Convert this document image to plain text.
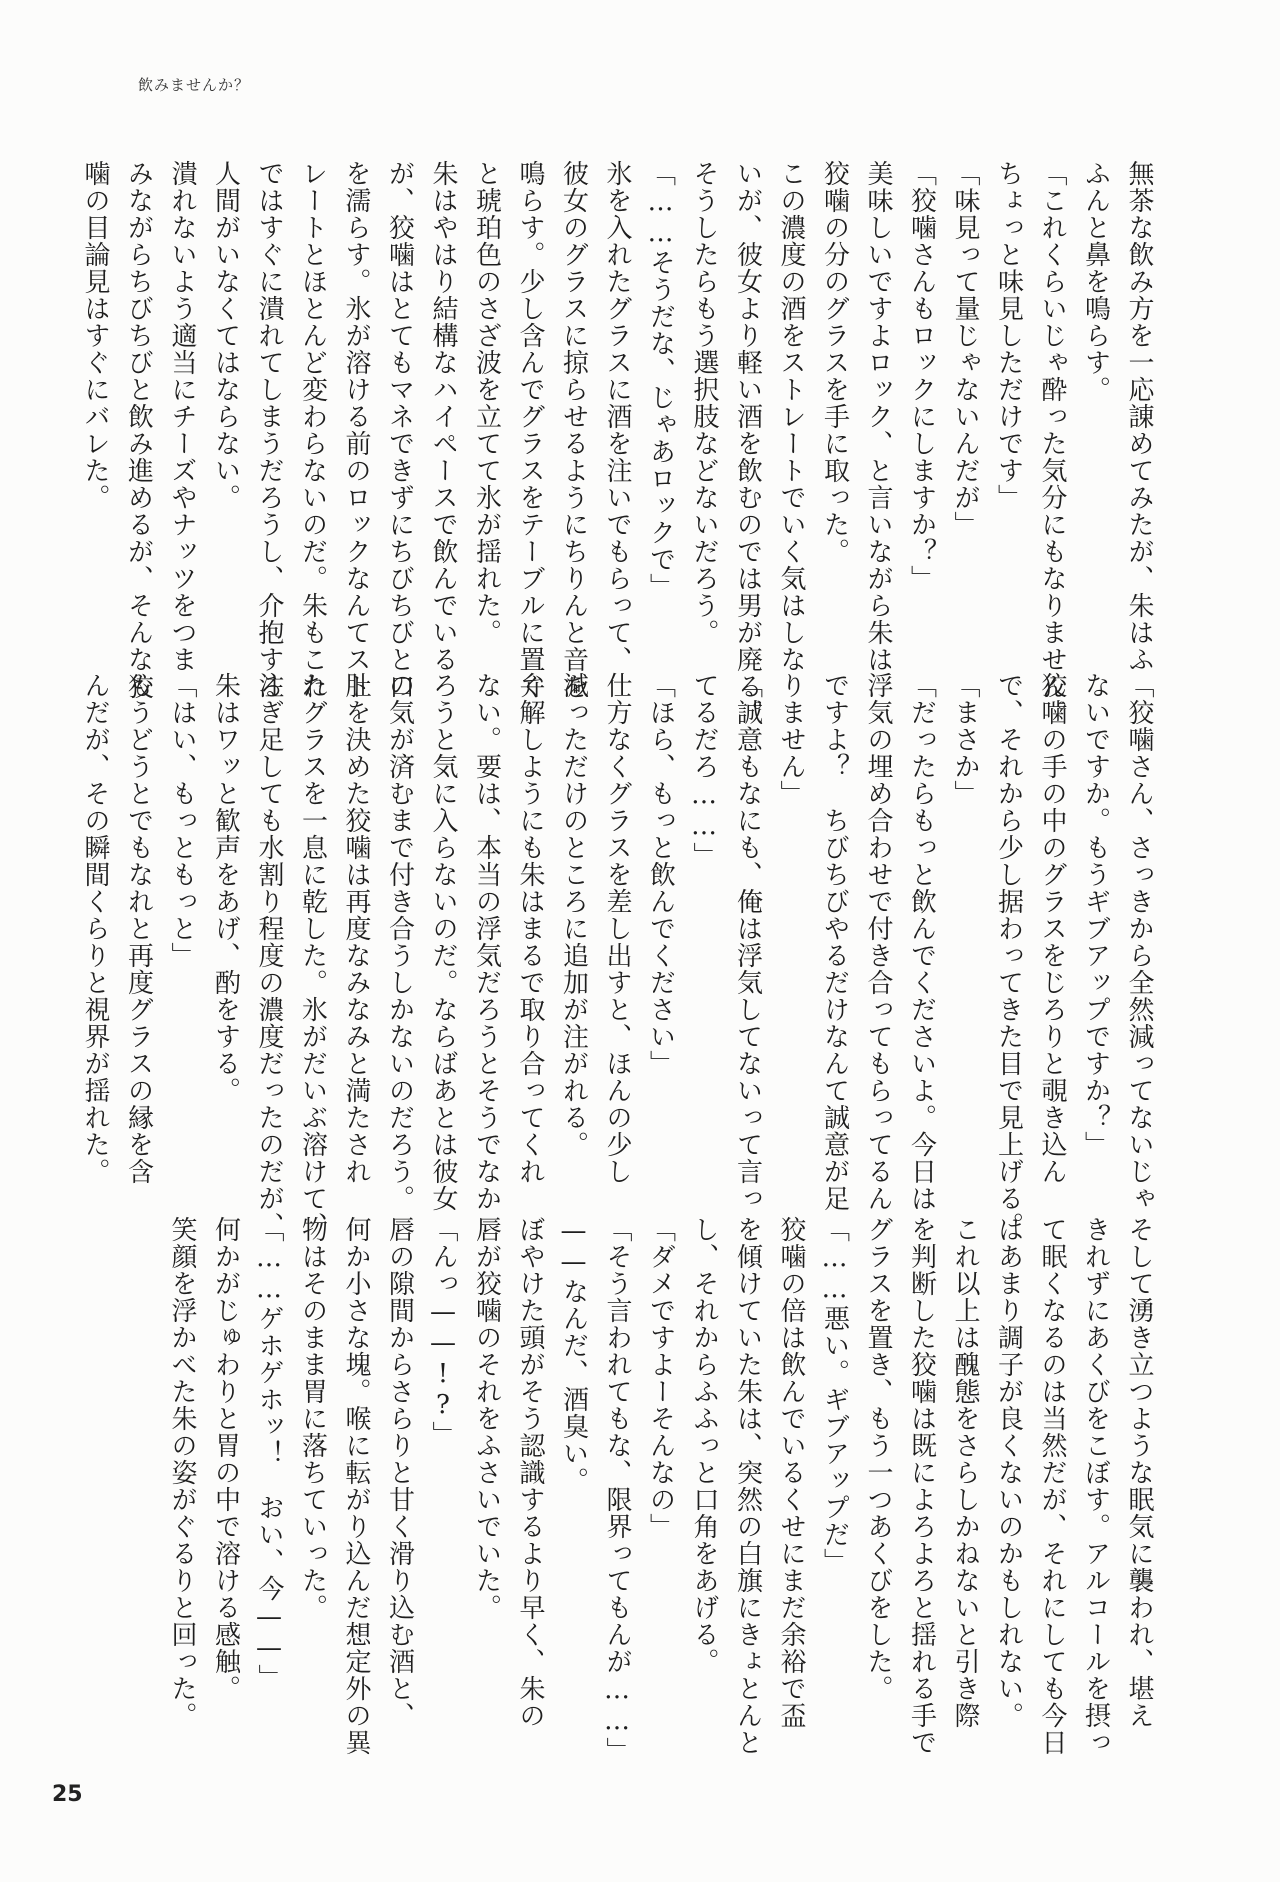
飲みませんか？
無茶な飲み方を一応諌めてみたが、朱はふ
ふんと鼻を鳴らす。
「これくらいじゃ酔った気分にもなりません。
ちょっと味見しただけです」
「味見って量じゃないんだが」
「狡噛さんもロックにしますか？」
美味しいですよロック、と言いながら朱は
狡噛の分のグラスを手に取った。
この濃度の酒をストレートでいく気はしな
いが、彼女より軽い酒を飲むのでは男が廃る。
そうしたらもう選択肢などないだろう。
「……そうだな、じゃあロックで」
氷を入れたグラスに酒を注いでもらって、
彼女のグラスに掠らせるようにちりんと音を
鳴らす。少し含んでグラスをテーブルに置く
と琥珀色のさざ波を立てて氷が揺れた。
朱はやはり結構なハイペースで飲んでいる
が、狡噛はとてもマネできずにちびちびと口
を濡らす。氷が溶ける前のロックなんてスト
レートとほとんど変わらないのだ。朱もこれ
ではすぐに潰れてしまうだろうし、介抱する
人間がいなくてはならない。
潰れないよう適当にチーズやナッツをつま
みながらちびちびと飲み進めるが、そんな狡
噛の目論見はすぐにバレた。
「狡噛さん、さっきから全然減ってないじゃ
ないですか。もうギブアップですか？」
狡噛の手の中のグラスをじろりと覗き込ん
で、それから少し据わってきた目で見上げる。
「まさか」
「だったらもっと飲んでくださいよ。今日は
浮気の埋め合わせで付き合ってもらってるん
ですよ？　ちびちびやるだけなんて誠意が足
りません」
「誠意もなにも、俺は浮気してないって言っ
てるだろ……」
「ほら、もっと飲んでください」
仕方なくグラスを差し出すと、ほんの少し
減っただけのところに追加が注がれる。
弁解しようにも朱はまるで取り合ってくれ
ない。要は、本当の浮気だろうとそうでなか
ろうと気に入らないのだ。ならばあとは彼女
の気が済むまで付き合うしかないのだろう。
肚を決めた狡噛は再度なみなみと満たされ
たグラスを一息に乾した。氷がだいぶ溶けて、
注ぎ足しても水割り程度の濃度だったのだが、
朱はワッと歓声をあげ、酌をする。
「はい、もっともっと」
もうどうとでもなれと再度グラスの縁を含
んだが、その瞬間くらりと視界が揺れた。
そして湧き立つような眠気に襲われ、堪え
きれずにあくびをこぼす。アルコールを摂っ
て眠くなるのは当然だが、それにしても今日
はあまり調子が良くないのかもしれない。
これ以上は醜態をさらしかねないと引き際
を判断した狡噛は既によろよろと揺れる手で
グラスを置き、もう一つあくびをした。
「……悪い。ギブアップだ」
狡噛の倍は飲んでいるくせにまだ余裕で盃
を傾けていた朱は、突然の白旗にきょとんと
し、それからふふっと口角をあげる。
「ダメですよーそんなの」
「そう言われてもな、限界ってもんが……」
——なんだ、酒臭い。
ぼやけた頭がそう認識するより早く、朱の
唇が狡噛のそれをふさいでいた。
「んっ——!?」
唇の隙間からさらりと甘く滑り込む酒と、
何か小さな塊。喉に転がり込んだ想定外の異
物はそのまま胃に落ちていった。
「……ゲホゲホッ！　おい、今——」
何かがじゅわりと胃の中で溶ける感触。
笑顔を浮かべた朱の姿がぐるりと回った。
25
